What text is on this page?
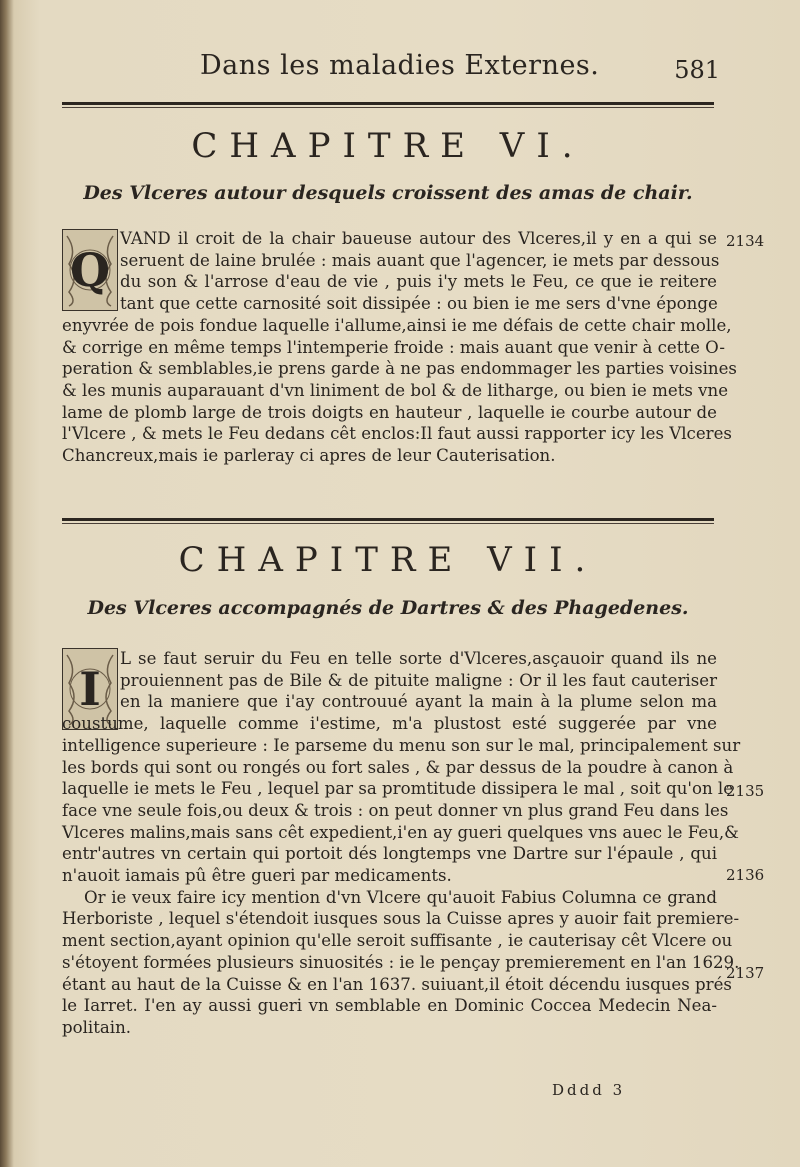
Dans les maladies Externes.	581
CHAPITRE VI.
Des Vlceres autour desquels croissent des amas de chair.
Q
VAND il croit de la chair baueuse autour des Vlceres,il y en a qui se
seruent de laine brulée : mais auant que l'agencer, ie mets par dessous
du son & l'arrose d'eau de vie , puis i'y mets le Feu, ce que ie reitere
tant que cette carnosité soit dissipée : ou bien ie me sers d'vne éponge
enyvrée de pois fondue laquelle i'allume,ainsi ie me défais de cette chair molle,
& corrige en même temps l'intemperie froide : mais auant que venir à cette O-
peration & semblables,ie prens garde à ne pas endommager les parties voisines
& les munis auparauant d'vn liniment de bol & de litharge, ou bien ie mets vne
lame de plomb large de trois doigts en hauteur , laquelle ie courbe autour de
l'Vlcere , & mets le Feu dedans cêt enclos:Il faut aussi rapporter icy les Vlceres
Chancreux,mais ie parleray ci apres de leur Cauterisation.
2134
CHAPITRE VII.
Des Vlceres accompagnés de Dartres & des Phagedenes.
I
L se faut seruir du Feu en telle sorte d'Vlceres,asçauoir quand ils ne
prouiennent pas de Bile & de pituite maligne : Or il les faut cauteriser
en la maniere que i'ay controuué ayant la main à la plume selon ma
coustume, laquelle comme i'estime, m'a plustost esté suggerée par vne
intelligence superieure : Ie parseme du menu son sur le mal, principalement sur
les bords qui sont ou rongés ou fort sales , & par dessus de la poudre à canon à
laquelle ie mets le Feu , lequel par sa promtitude dissipera le mal , soit qu'on le
face vne seule fois,ou deux & trois : on peut donner vn plus grand Feu dans les
Vlceres malins,mais sans cêt expedient,i'en ay gueri quelques vns auec le Feu,&
entr'autres vn certain qui portoit dés longtemps vne Dartre sur l'épaule , qui
n'auoit iamais pû être gueri par medicaments.
Or ie veux faire icy mention d'vn Vlcere qu'auoit Fabius Columna ce grand
Herboriste , lequel s'étendoit iusques sous la Cuisse apres y auoir fait premiere-
ment section,ayant opinion qu'elle seroit suffisante , ie cauterisay cêt Vlcere ou
s'étoyent formées plusieurs sinuosités : ie le pençay premierement en l'an 1629.
étant au haut de la Cuisse & en l'an 1637. suiuant,il étoit décendu iusques prés
le Iarret. I'en ay aussi gueri vn semblable en Dominic Coccea Medecin Nea-
politain.
2135
2136
2137
Dddd 3
